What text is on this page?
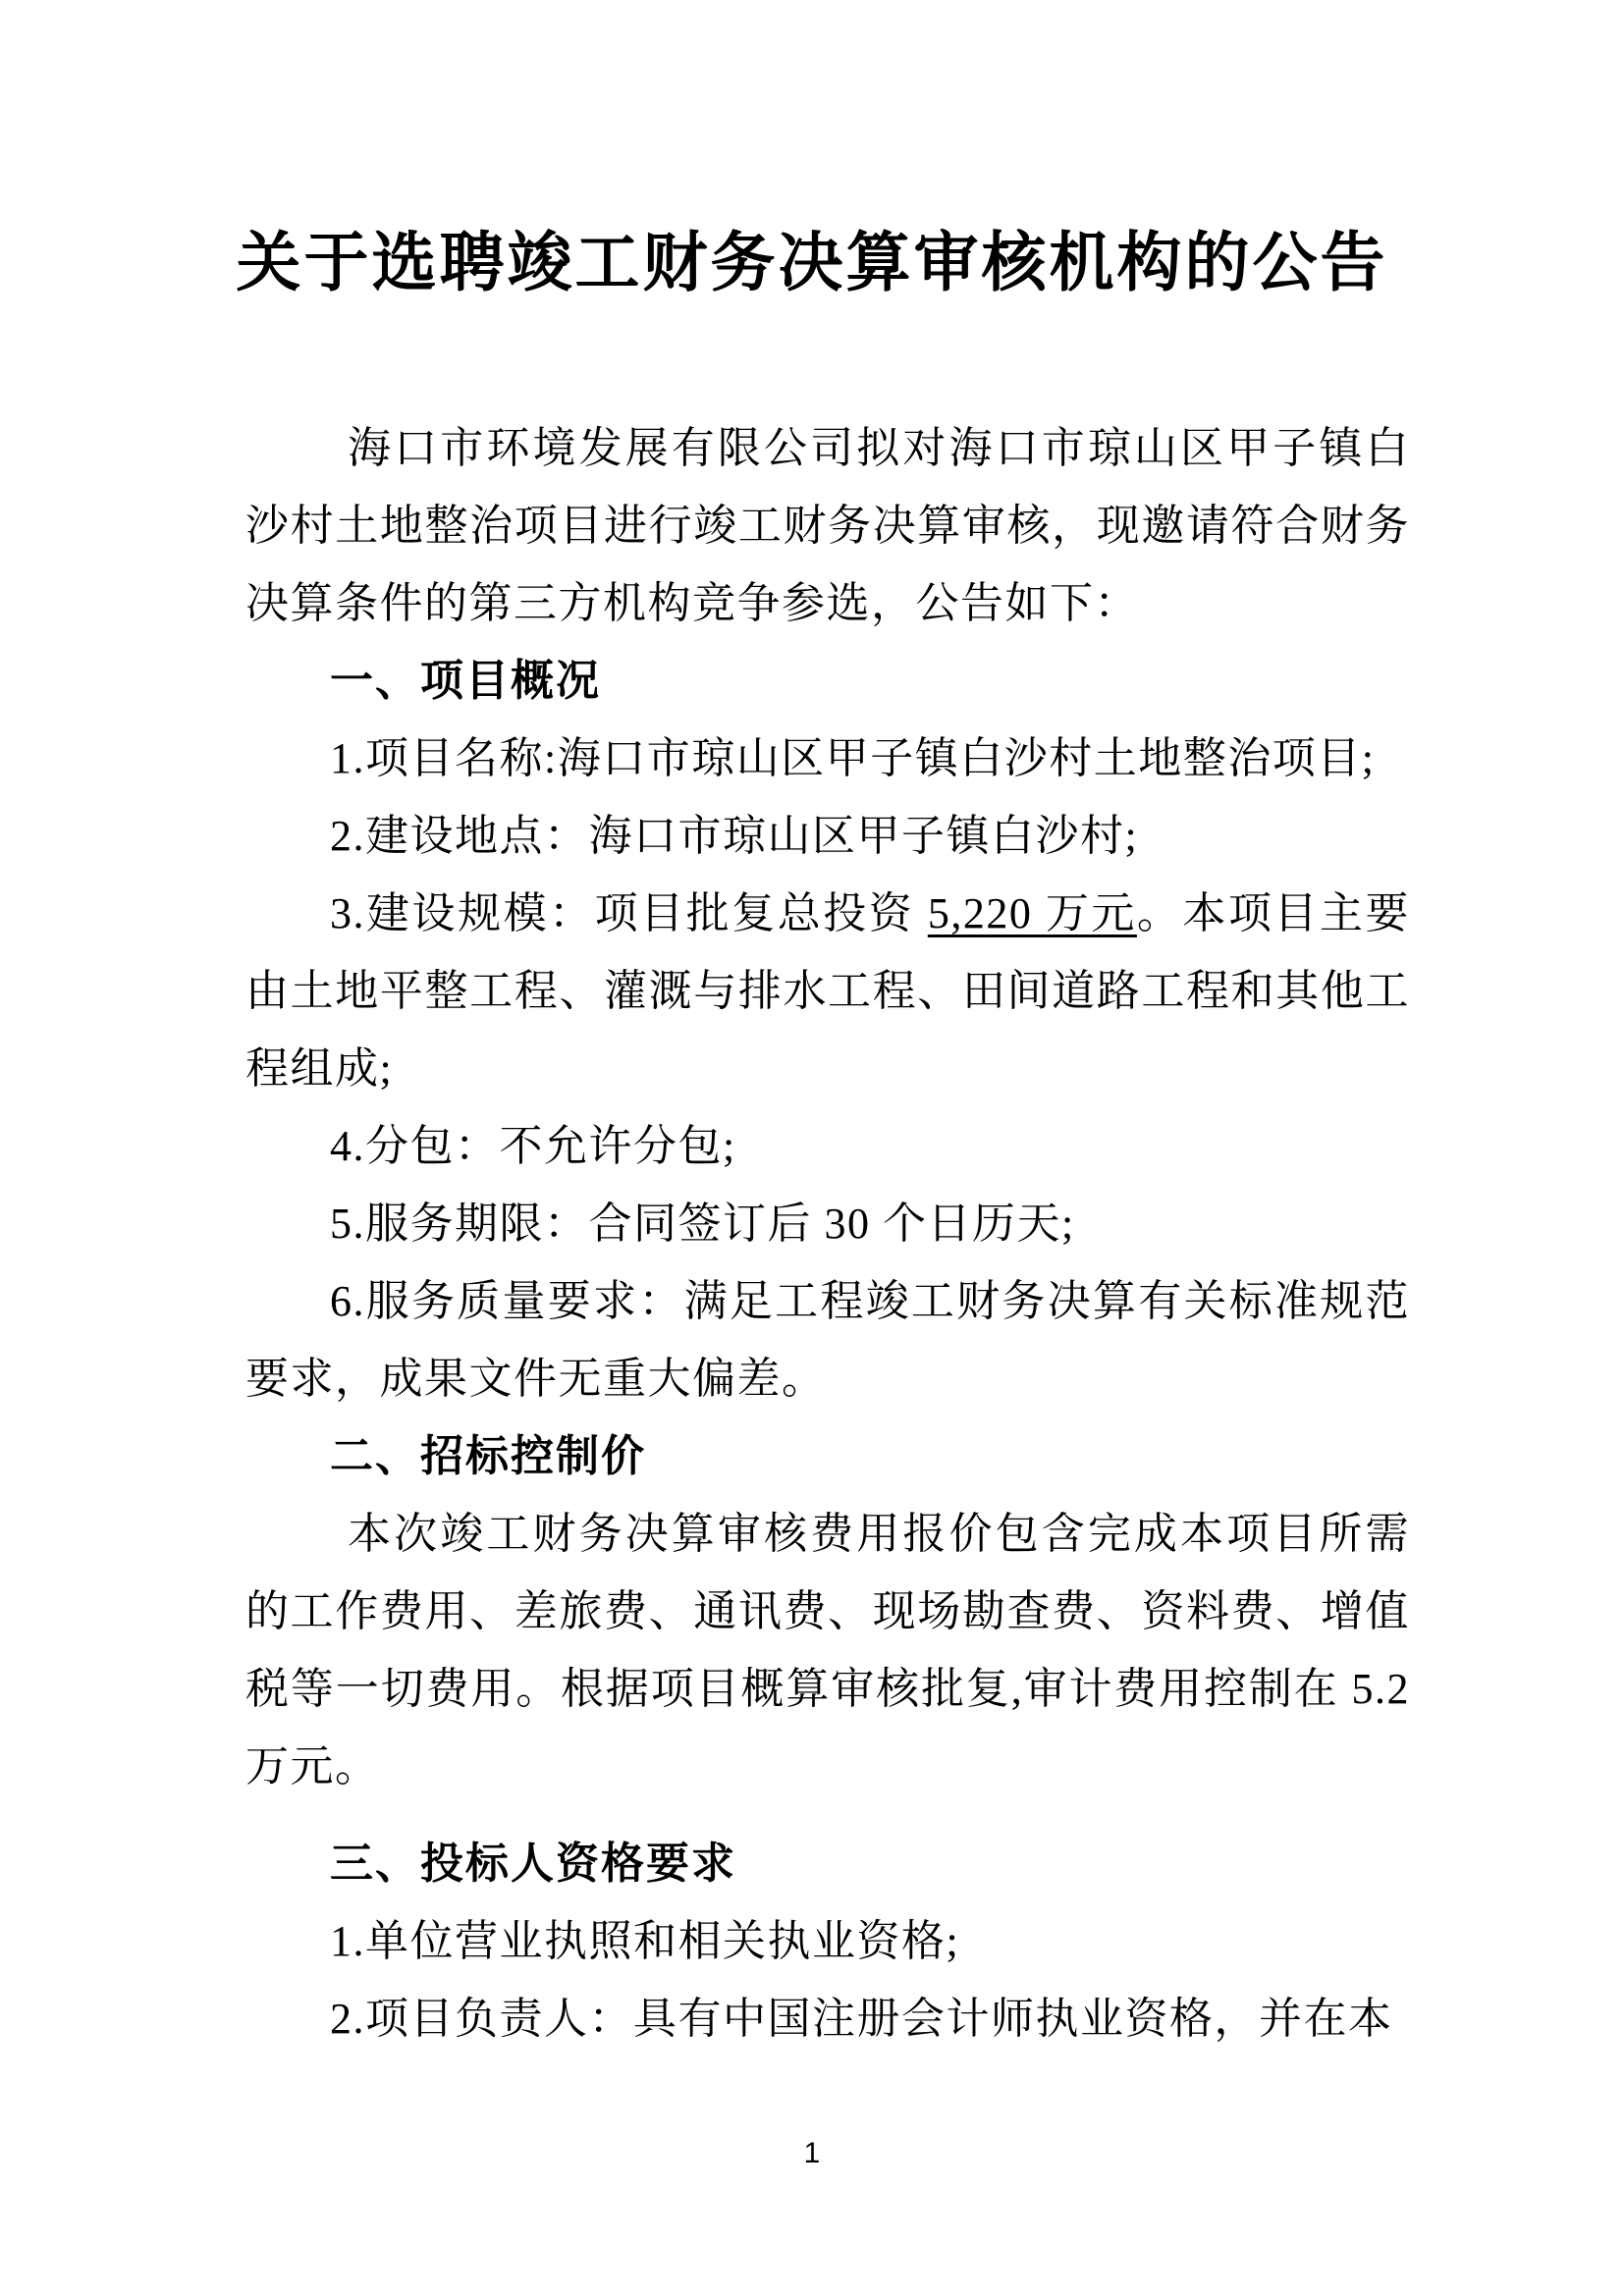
关于选聘竣工财务决算审核机构的公告

海口市环境发展有限公司拟对海口市琼山区甲子镇白沙村土地整治项目进行竣工财务决算审核，现邀请符合财务决算条件的第三方机构竞争参选，公告如下：

一、项目概况

1.项目名称:海口市琼山区甲子镇白沙村土地整治项目;

2.建设地点：海口市琼山区甲子镇白沙村;

3.建设规模：项目批复总投资 5,220 万元。本项目主要由土地平整工程、灌溉与排水工程、田间道路工程和其他工程组成;

4.分包：不允许分包;

5.服务期限：合同签订后 30 个日历天;

6.服务质量要求：满足工程竣工财务决算有关标准规范要求，成果文件无重大偏差。

二、招标控制价

本次竣工财务决算审核费用报价包含完成本项目所需的工作费用、差旅费、通讯费、现场勘查费、资料费、增值税等一切费用。根据项目概算审核批复,审计费用控制在 5.2 万元。

三、投标人资格要求

1.单位营业执照和相关执业资格;

2.项目负责人：具有中国注册会计师执业资格，并在本

1
